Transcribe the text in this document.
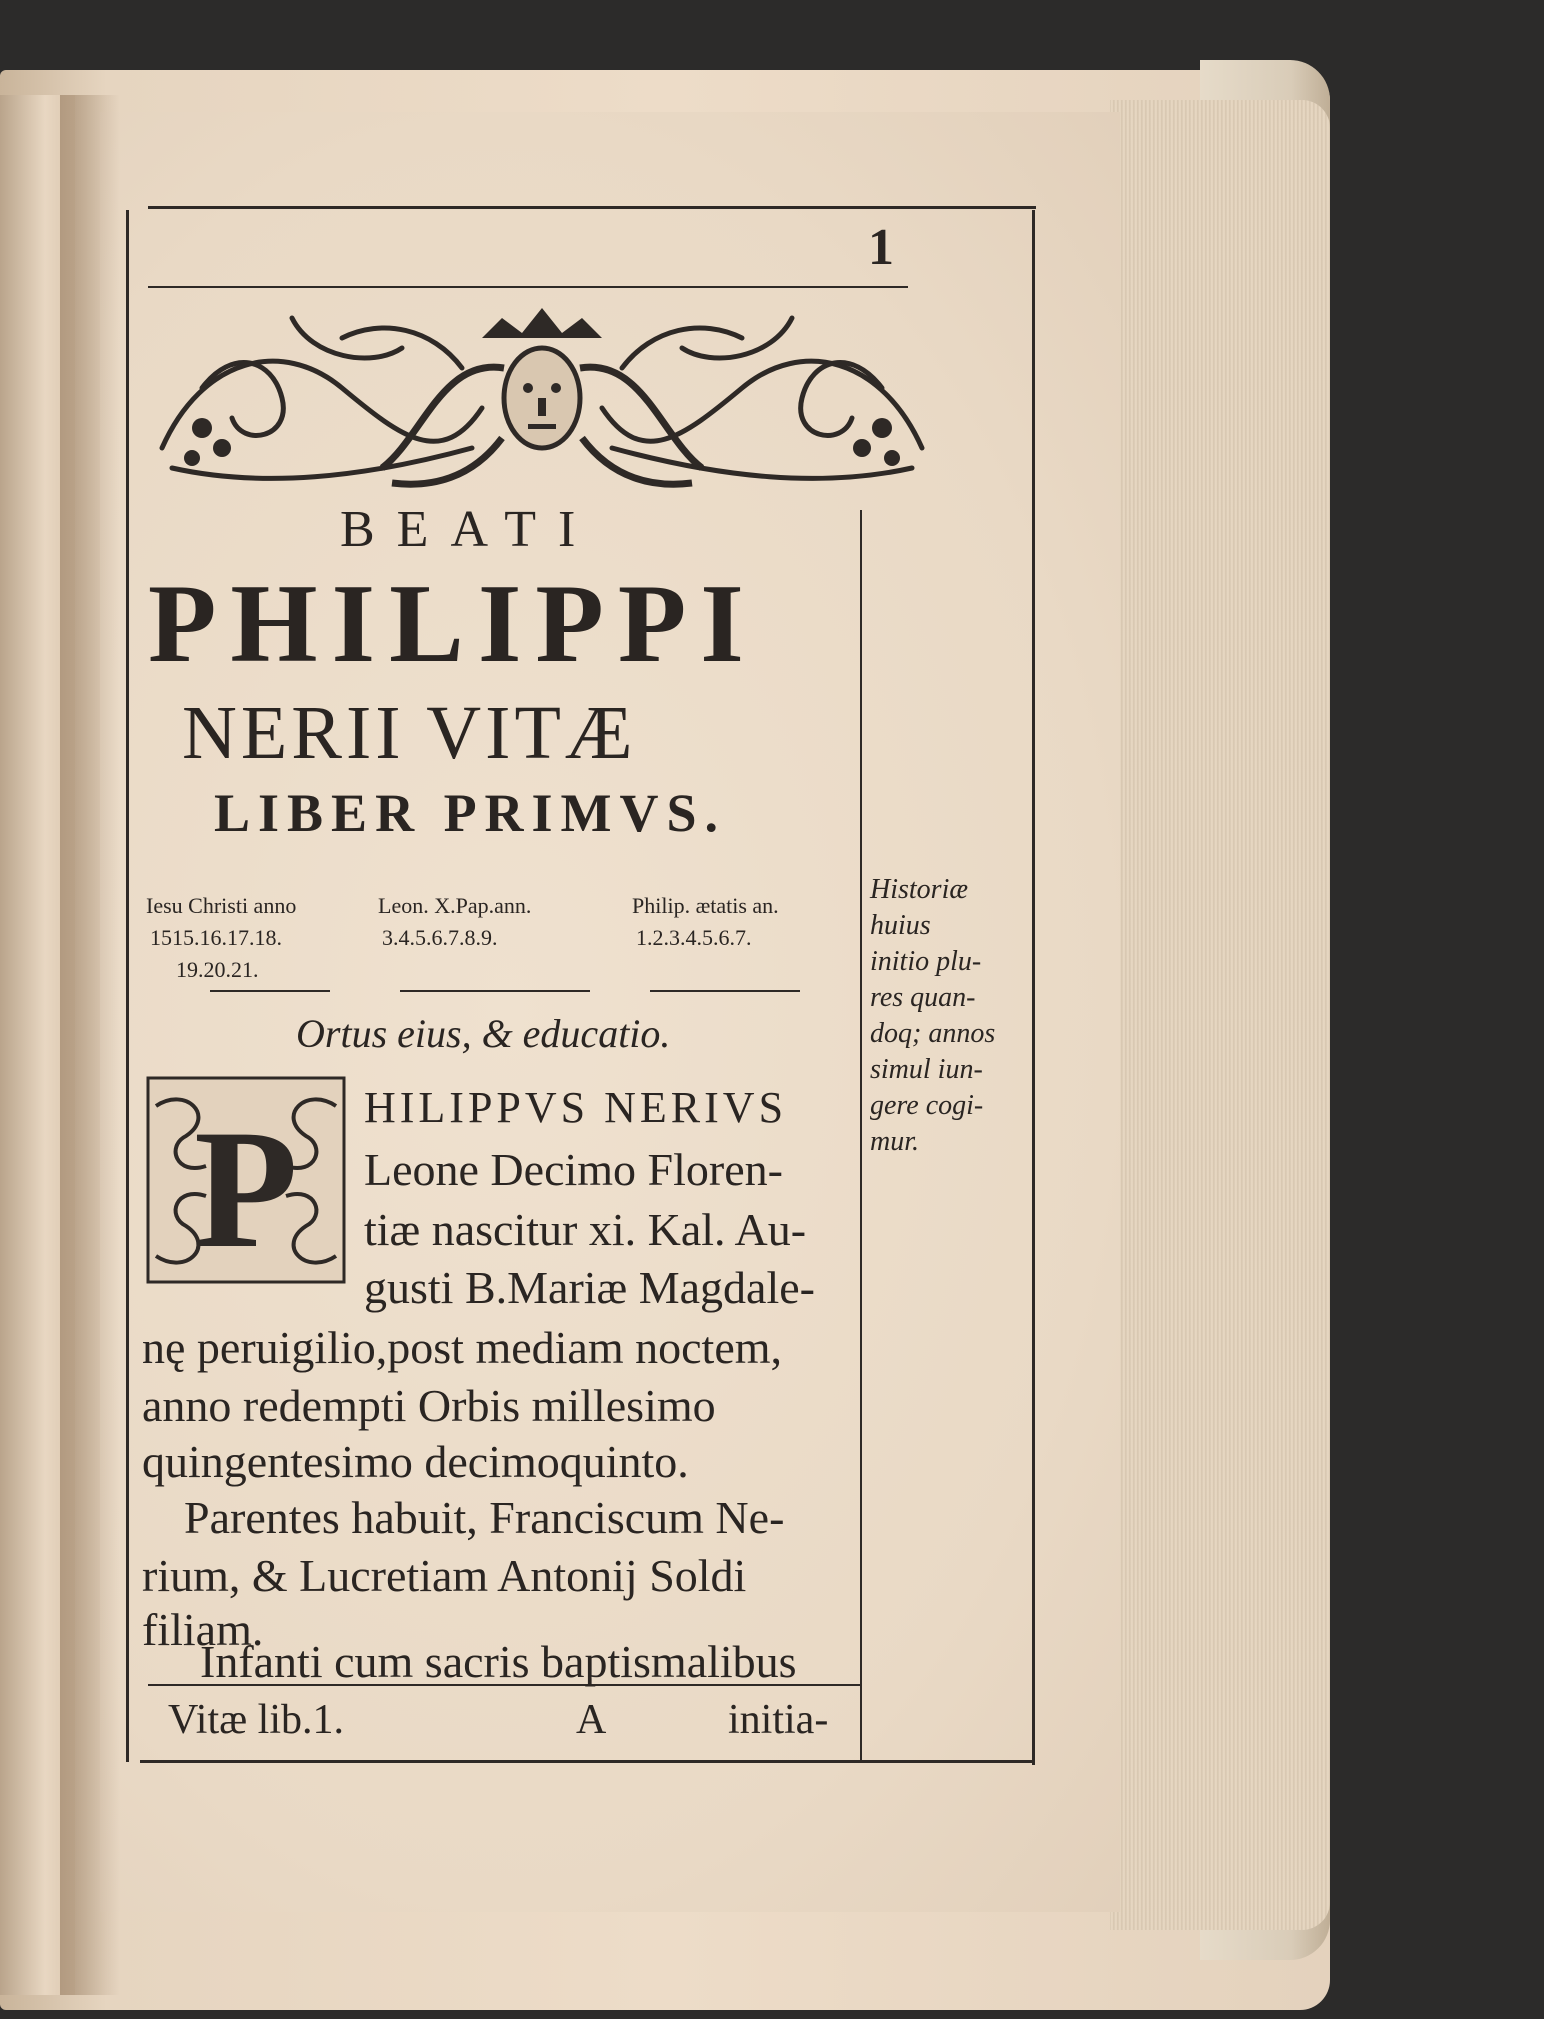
1
BEATI
PHILIPPI
NERII VITÆ
LIBER PRIMVS.
Iesu Christi anno
1515.16.17.18.
19.20.21.
Leon. X.Pap.ann.
3.4.5.6.7.8.9.
Philip. ætatis an.
1.2.3.4.5.6.7.
Ortus eius, & educatio.
P HILIPPVS NERIVS
Leone Decimo Floren-
tiæ nascitur xi. Kal. Au-
gusti B.Mariæ Magdale-
nę peruigilio,post mediam noctem,
anno redempti Orbis millesimo
quingentesimo decimoquinto.
Parentes habuit, Franciscum Ne-
rium, & Lucretiam Antonij Soldi
filiam.
Infanti cum sacris baptismalibus
Historiæ
huius
initio plu-
res quan-
doq; annos
simul iun-
gere cogi-
mur.
Vitæ lib.1.	A	initia-
